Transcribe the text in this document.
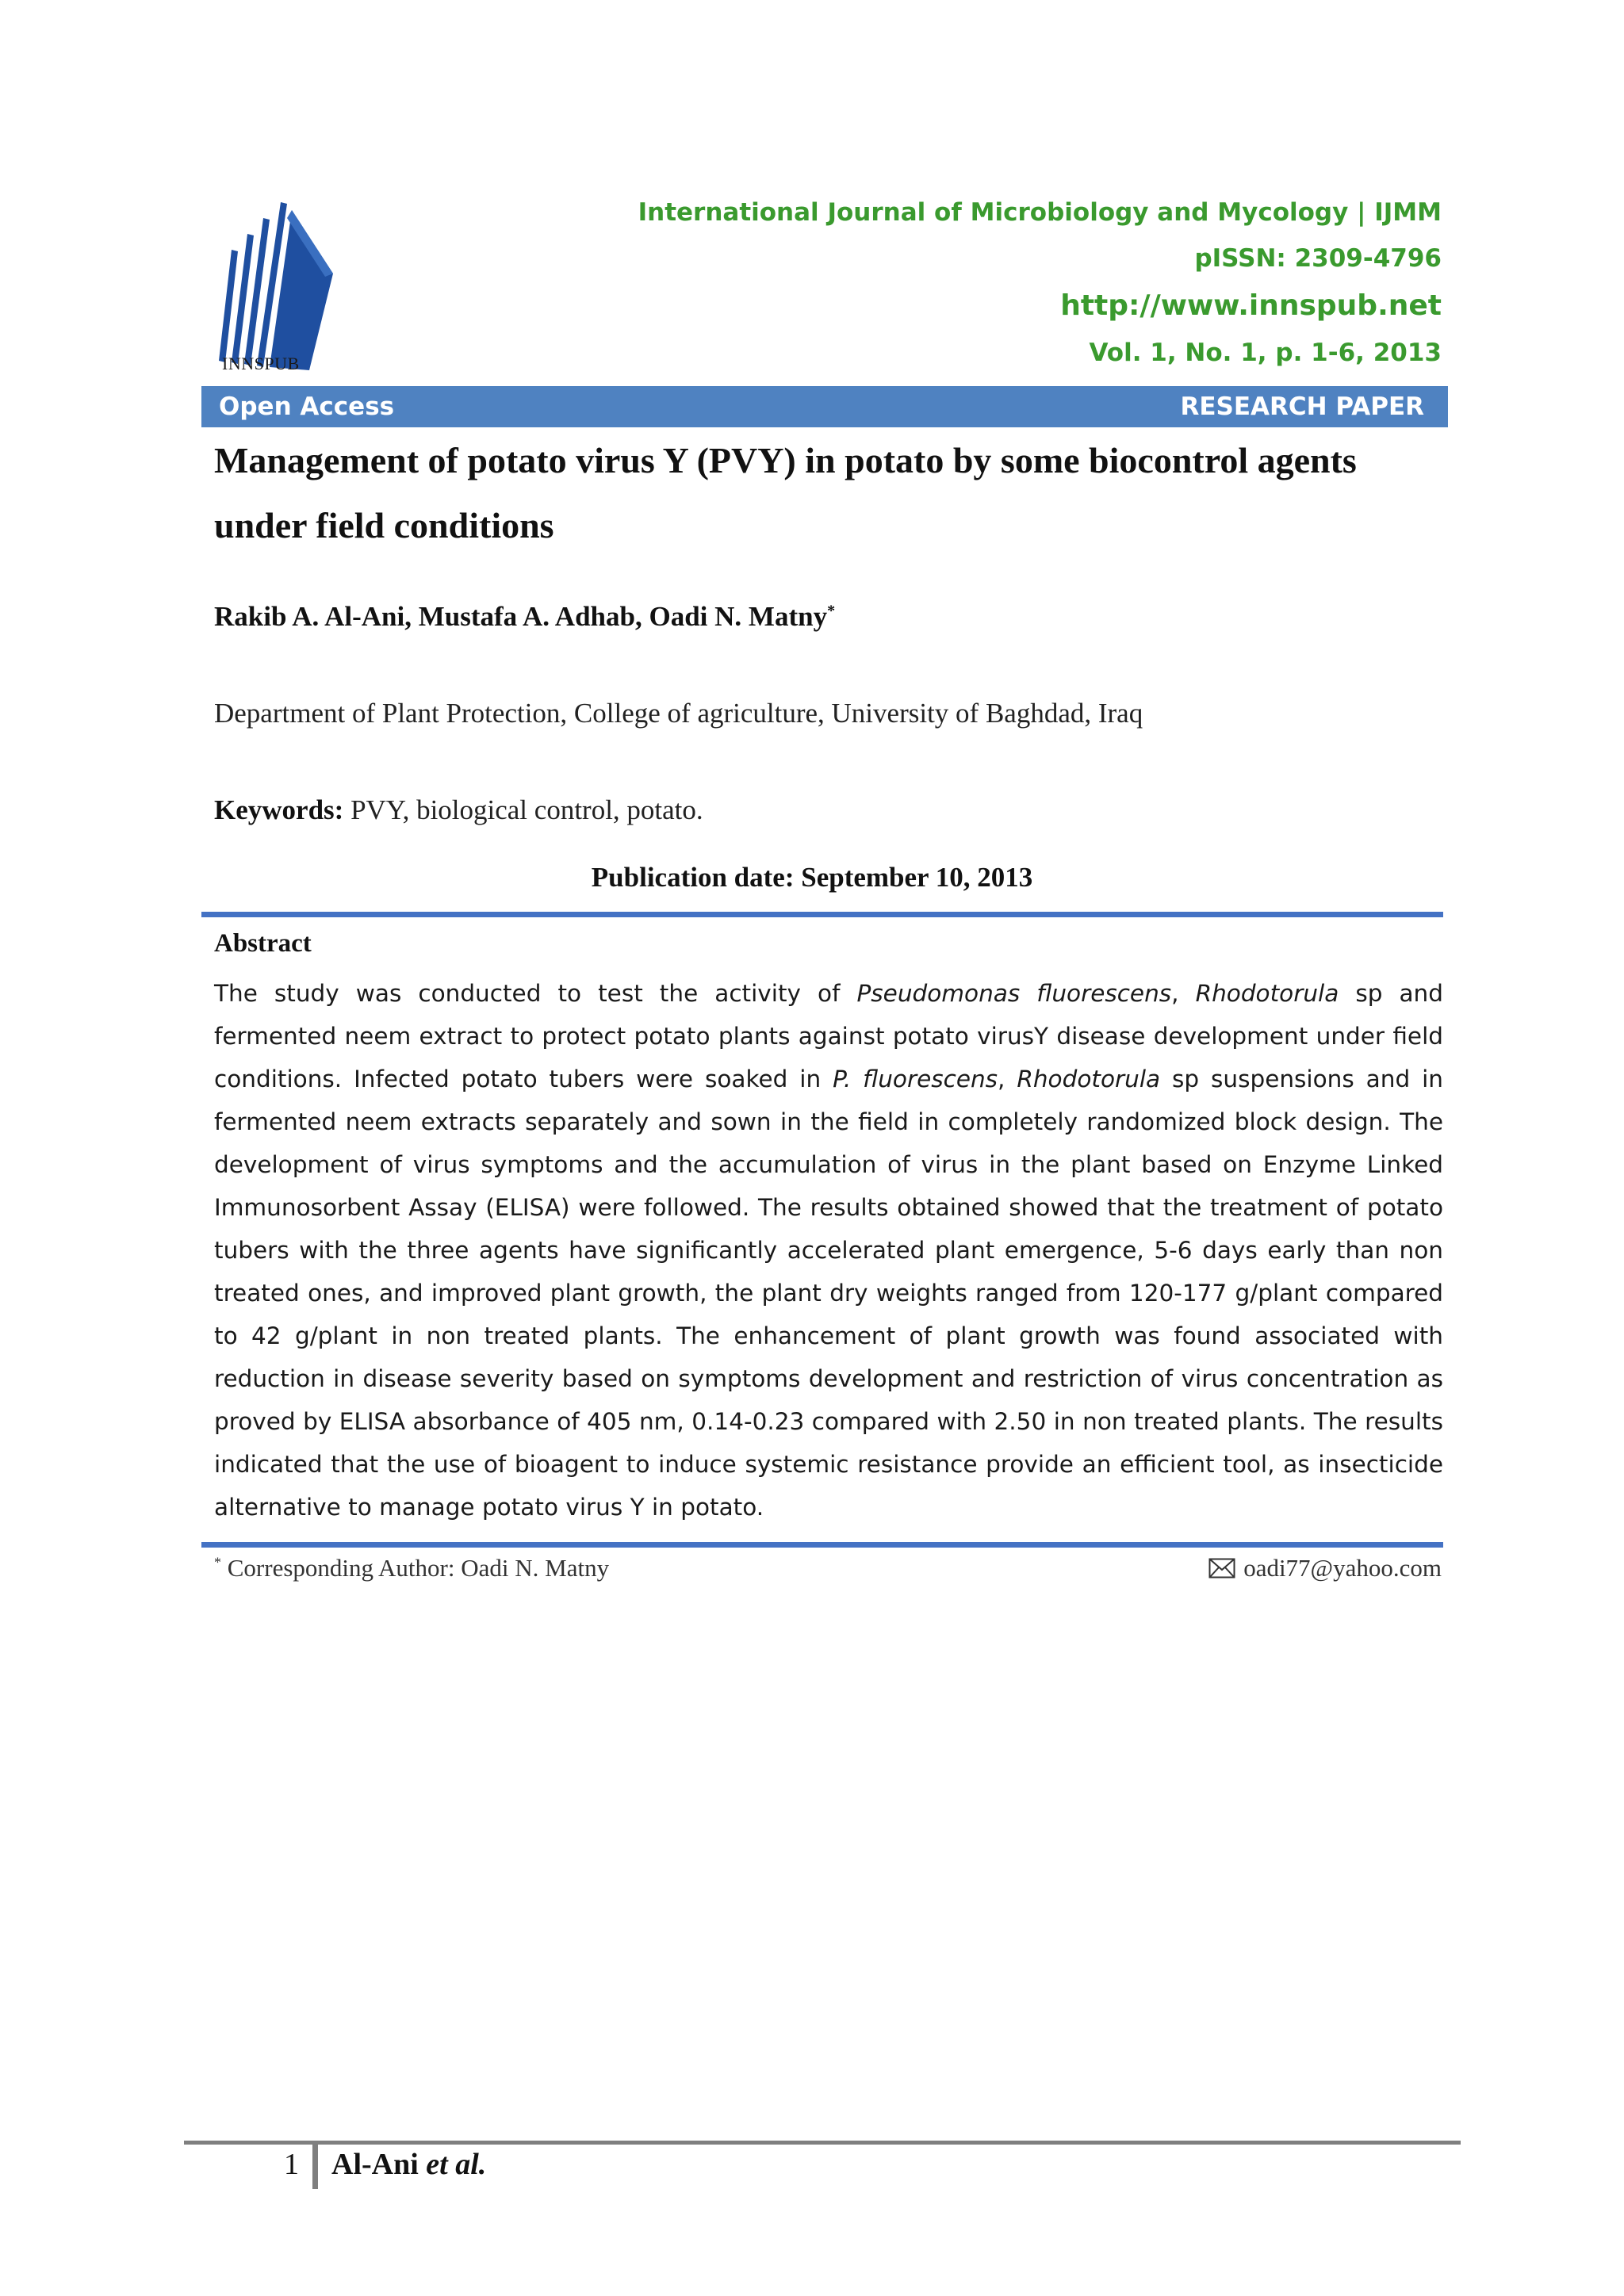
INNSPUB
International Journal of Microbiology and Mycology | IJMM
pISSN: 2309-4796
http://www.innspub.net
Vol. 1, No. 1, p. 1-6, 2013
Open Access	RESEARCH PAPER
Management of potato virus Y (PVY) in potato by some biocontrol agents under field conditions
Rakib A. Al-Ani, Mustafa A. Adhab, Oadi N. Matny*
Department of Plant Protection, College of agriculture, University of Baghdad, Iraq
Keywords: PVY, biological control, potato.
Publication date: September 10, 2013
Abstract
The study was conducted to test the activity of Pseudomonas fluorescens, Rhodotorula sp and fermented neem extract to protect potato plants against potato virusY disease development under field conditions. Infected potato tubers were soaked in P. fluorescens, Rhodotorula sp suspensions and in fermented neem extracts separately and sown in the field in completely randomized block design. The development of virus symptoms and the accumulation of virus in the plant based on Enzyme Linked Immunosorbent Assay (ELISA) were followed. The results obtained showed that the treatment of potato tubers with the three agents have significantly accelerated plant emergence, 5-6 days early than non treated ones, and improved plant growth, the plant dry weights ranged from 120-177 g/plant compared to 42 g/plant in non treated plants. The enhancement of plant growth was found associated with reduction in disease severity based on symptoms development and restriction of virus concentration as proved by ELISA absorbance of 405 nm, 0.14-0.23 compared with 2.50 in non treated plants. The results indicated that the use of bioagent to induce systemic resistance provide an efficient tool, as insecticide alternative to manage potato virus Y in potato.
* Corresponding Author: Oadi N. Matny	oadi77@yahoo.com
1 Al-Ani et al.
